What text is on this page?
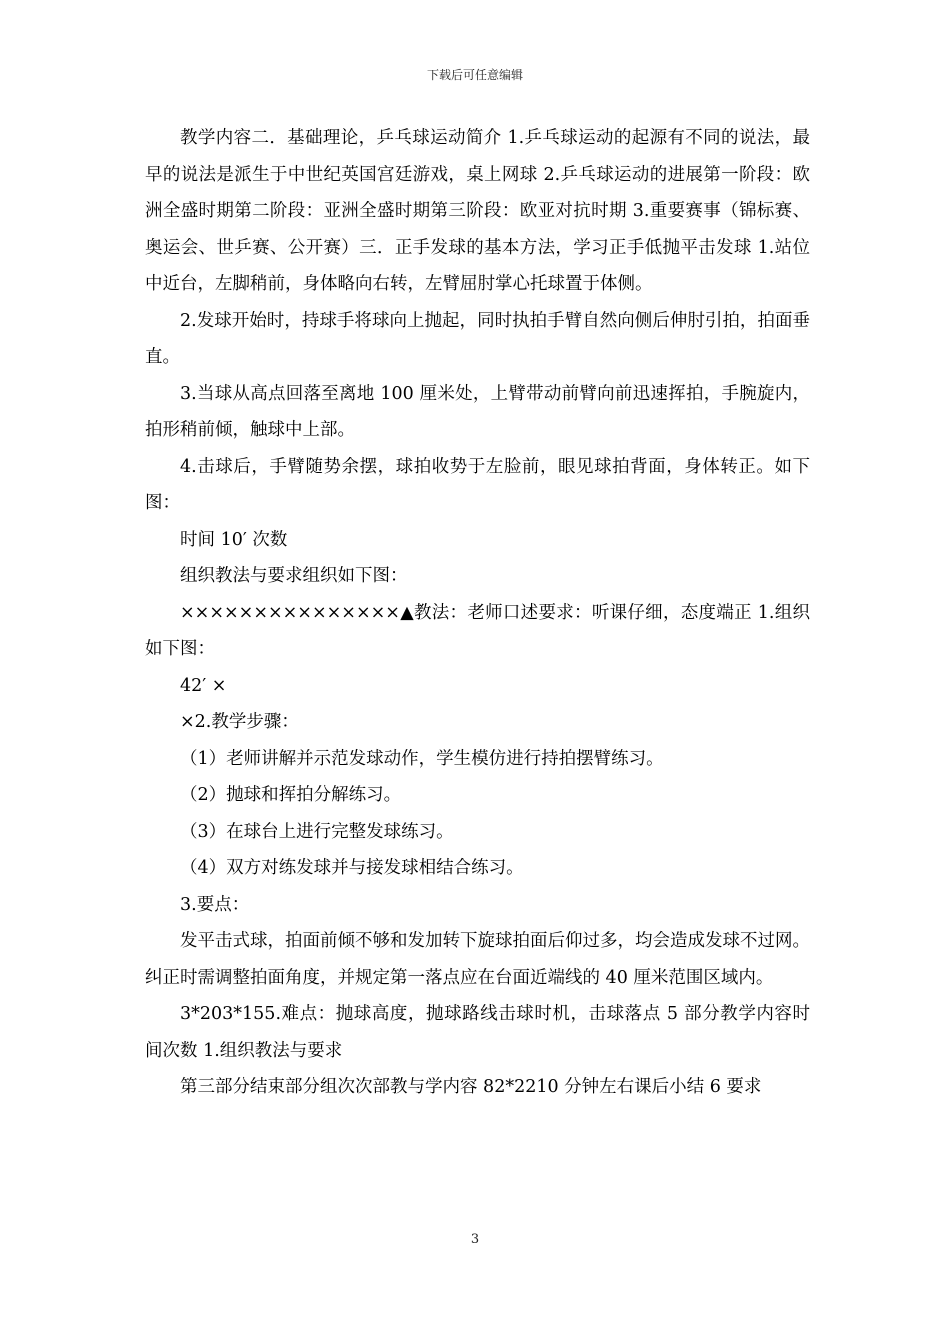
下载后可任意编辑

教学内容二．基础理论，乒乓球运动简介 1.乒乓球运动的起源有不同的说法，最早的说法是派生于中世纪英国宫廷游戏，桌上网球 2.乒乓球运动的进展第一阶段：欧洲全盛时期第二阶段：亚洲全盛时期第三阶段：欧亚对抗时期 3.重要赛事（锦标赛、奥运会、世乒赛、公开赛）三．正手发球的基本方法，学习正手低抛平击发球 1.站位中近台，左脚稍前，身体略向右转，左臂屈肘掌心托球置于体侧。

2.发球开始时，持球手将球向上抛起，同时执拍手臂自然向侧后伸肘引拍，拍面垂直。

3.当球从高点回落至离地 100 厘米处，上臂带动前臂向前迅速挥拍，手腕旋内，拍形稍前倾，触球中上部。

4.击球后，手臂随势余摆，球拍收势于左脸前，眼见球拍背面，身体转正。如下图：

时间 10′ 次数

组织教法与要求组织如下图：

×××××××××××××××▲教法：老师口述要求：听课仔细，态度端正 1.组织如下图：

42′ ×

×2.教学步骤：

（1）老师讲解并示范发球动作，学生模仿进行持拍摆臂练习。

（2）抛球和挥拍分解练习。

（3）在球台上进行完整发球练习。

（4）双方对练发球并与接发球相结合练习。

3.要点：

发平击式球，拍面前倾不够和发加转下旋球拍面后仰过多，均会造成发球不过网。纠正时需调整拍面角度，并规定第一落点应在台面近端线的 40 厘米范围区域内。

3*203*155.难点：抛球高度，抛球路线击球时机，击球落点 5 部分教学内容时间次数 1.组织教法与要求

第三部分结束部分组次次部教与学内容 82*2210 分钟左右课后小结 6 要求

3
